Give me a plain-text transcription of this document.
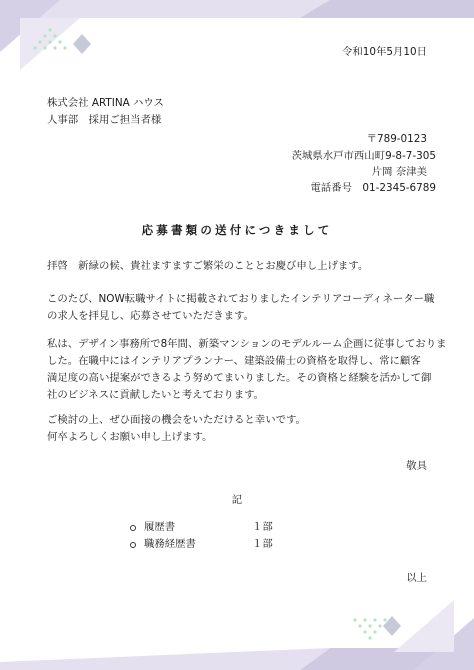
令和10年5月10日
株式会社 ARTINA ハウス
人事部　採用ご担当者様
〒789-0123
茨城県水戸市西山町9-8-7-305
片岡 奈津美
電話番号　01-2345-6789
応募書類の送付につきまして
拝啓　新緑の候、貴社ますますご繁栄のこととお慶び申し上げます。
このたび、NOW転職サイトに掲載されておりましたインテリアコーディネーター職
の求人を拝見し、応募させていただきます。
私は、デザイン事務所で8年間、新築マンションのモデルルーム企画に従事しておりま
した。在職中にはインテリアプランナー、建築設備士の資格を取得し、常に顧客
満足度の高い提案ができるよう努めてまいりました。その資格と経験を活かして御
社のビジネスに貢献したいと考えております。
ご検討の上、ぜひ面接の機会をいただけると幸いです。
何卒よろしくお願い申し上げます。
敬具
記
履歴書	１部
職務経歴書	１部
以上
